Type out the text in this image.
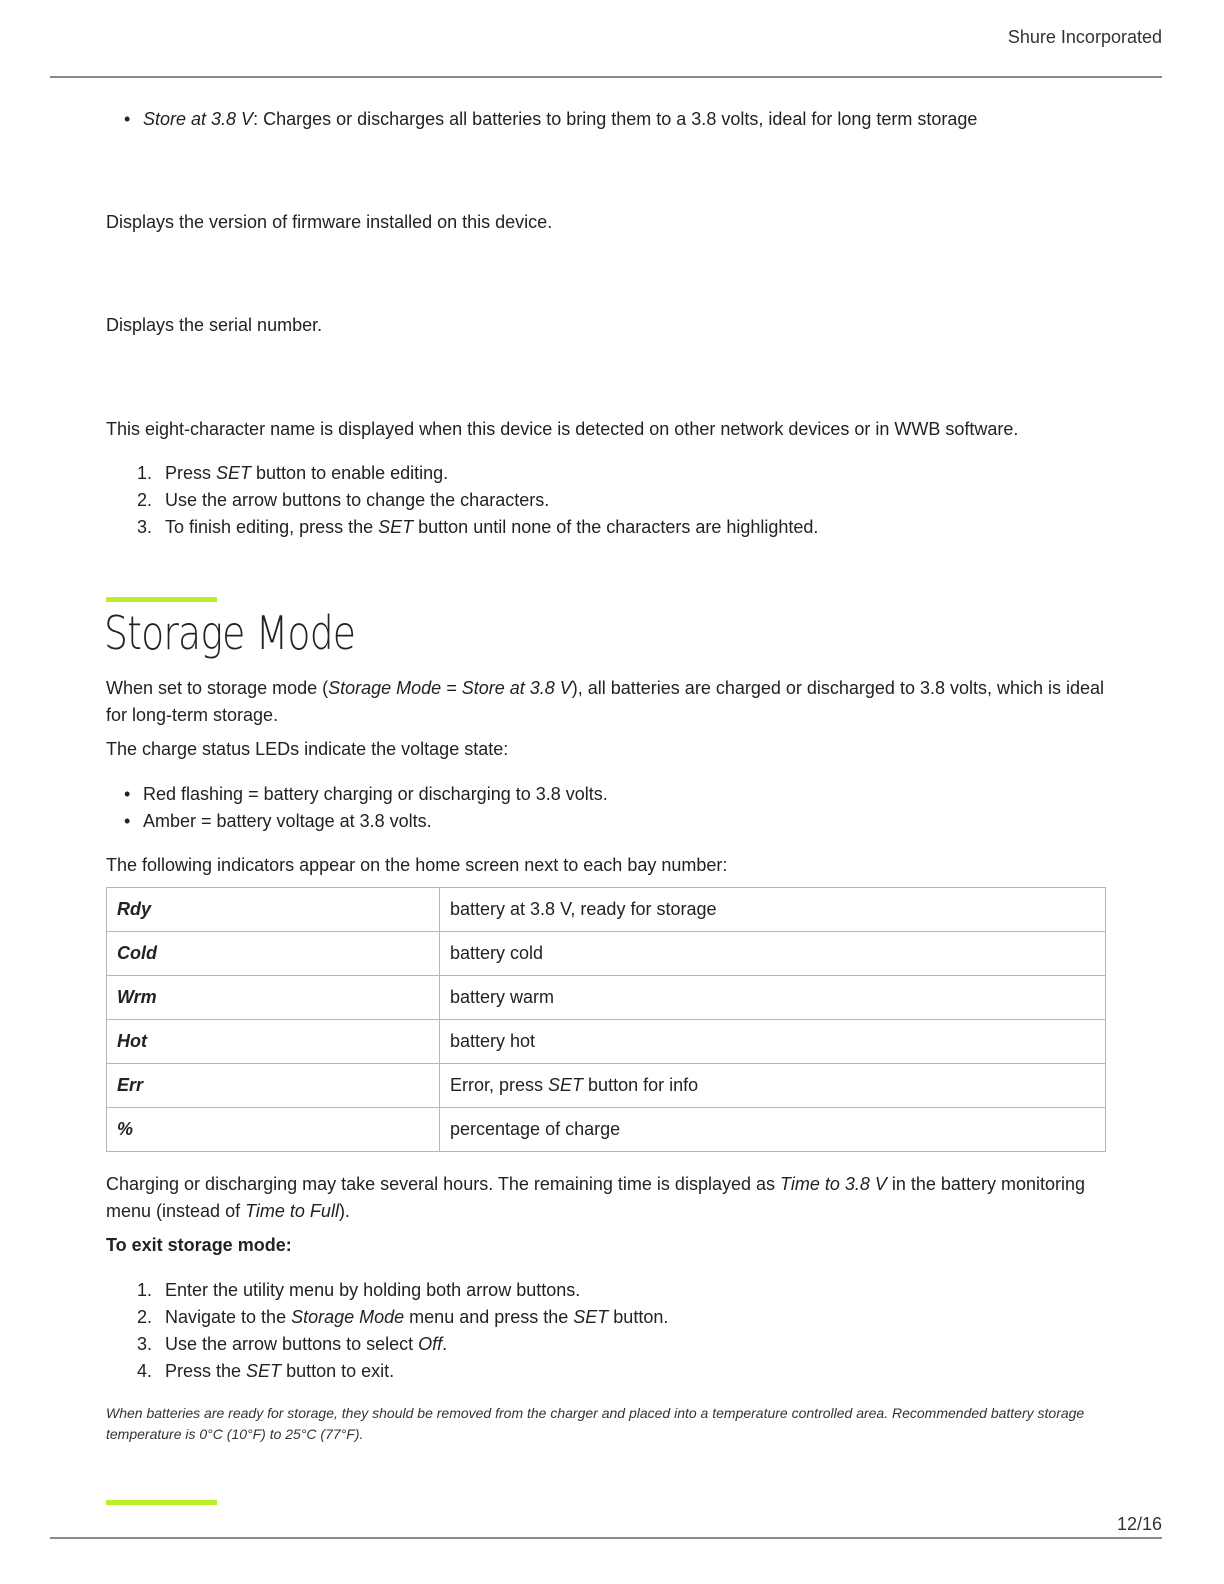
Shure Incorporated
• Store at 3.8 V: Charges or discharges all batteries to bring them to a 3.8 volts, ideal for long term storage

Displays the version of firmware installed on this device.

Displays the serial number.

This eight-character name is displayed when this device is detected on other network devices or in WWB software.

1. Press SET button to enable editing.
2. Use the arrow buttons to change the characters.
3. To finish editing, press the SET button until none of the characters are highlighted.
Storage Mode

When set to storage mode (Storage Mode = Store at 3.8 V), all batteries are charged or discharged to 3.8 volts, which is ideal for long-term storage.

The charge status LEDs indicate the voltage state:

• Red flashing = battery charging or discharging to 3.8 volts.
• Amber = battery voltage at 3.8 volts.

The following indicators appear on the home screen next to each bay number:

Rdy	battery at 3.8 V, ready for storage
Cold	battery cold
Wrm	battery warm
Hot	battery hot
Err	Error, press SET button for info
%	percentage of charge

Charging or discharging may take several hours. The remaining time is displayed as Time to 3.8 V in the battery monitoring menu (instead of Time to Full).

To exit storage mode:

1. Enter the utility menu by holding both arrow buttons.
2. Navigate to the Storage Mode menu and press the SET button.
3. Use the arrow buttons to select Off.
4. Press the SET button to exit.

When batteries are ready for storage, they should be removed from the charger and placed into a temperature controlled area. Recommended battery storage temperature is 0°C (10°F) to 25°C (77°F).

12/16
